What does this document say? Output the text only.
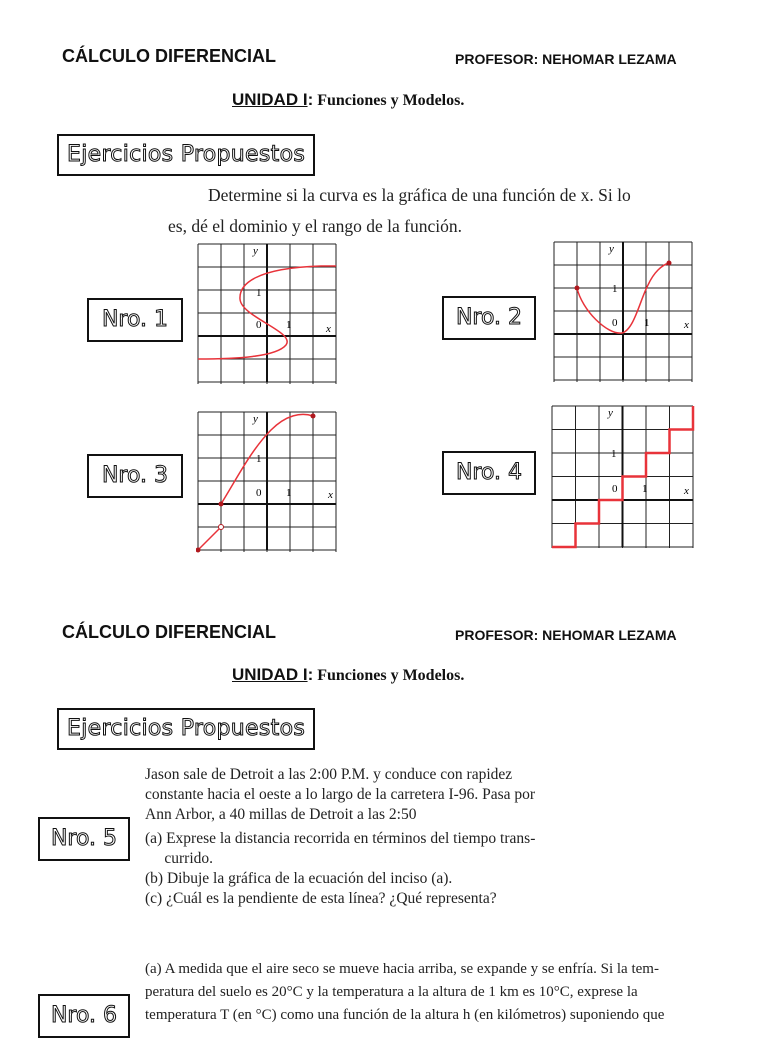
CÁLCULO DIFERENCIAL	PROFESOR: NEHOMAR LEZAMA
UNIDAD I: Funciones y Modelos.
Ejercicios Propuestos
Determine si la curva es la gráfica de una función de x. Si lo
es, dé el dominio y el rango de la función.
Nro. 1	Nro. 2
Nro. 3	Nro. 4
y
x
0 1
1
y
x
0 1
1
y
x
0 1
1
y
x
0 1
1
CÁLCULO DIFERENCIAL	PROFESOR: NEHOMAR LEZAMA
UNIDAD I: Funciones y Modelos.
Ejercicios Propuestos
Nro. 5
Jason sale de Detroit a las 2:00 P.M. y conduce con rapidez
constante hacia el oeste a lo largo de la carretera I-96. Pasa por
Ann Arbor, a 40 millas de Detroit a las 2:50
(a) Exprese la distancia recorrida en términos del tiempo trans-
currido.
(b) Dibuje la gráfica de la ecuación del inciso (a).
(c) ¿Cuál es la pendiente de esta línea? ¿Qué representa?
Nro. 6
(a) A medida que el aire seco se mueve hacia arriba, se expande y se enfría. Si la tem-
peratura del suelo es 20°C y la temperatura a la altura de 1 km es 10°C, exprese la
temperatura T (en °C) como una función de la altura h (en kilómetros) suponiendo que
